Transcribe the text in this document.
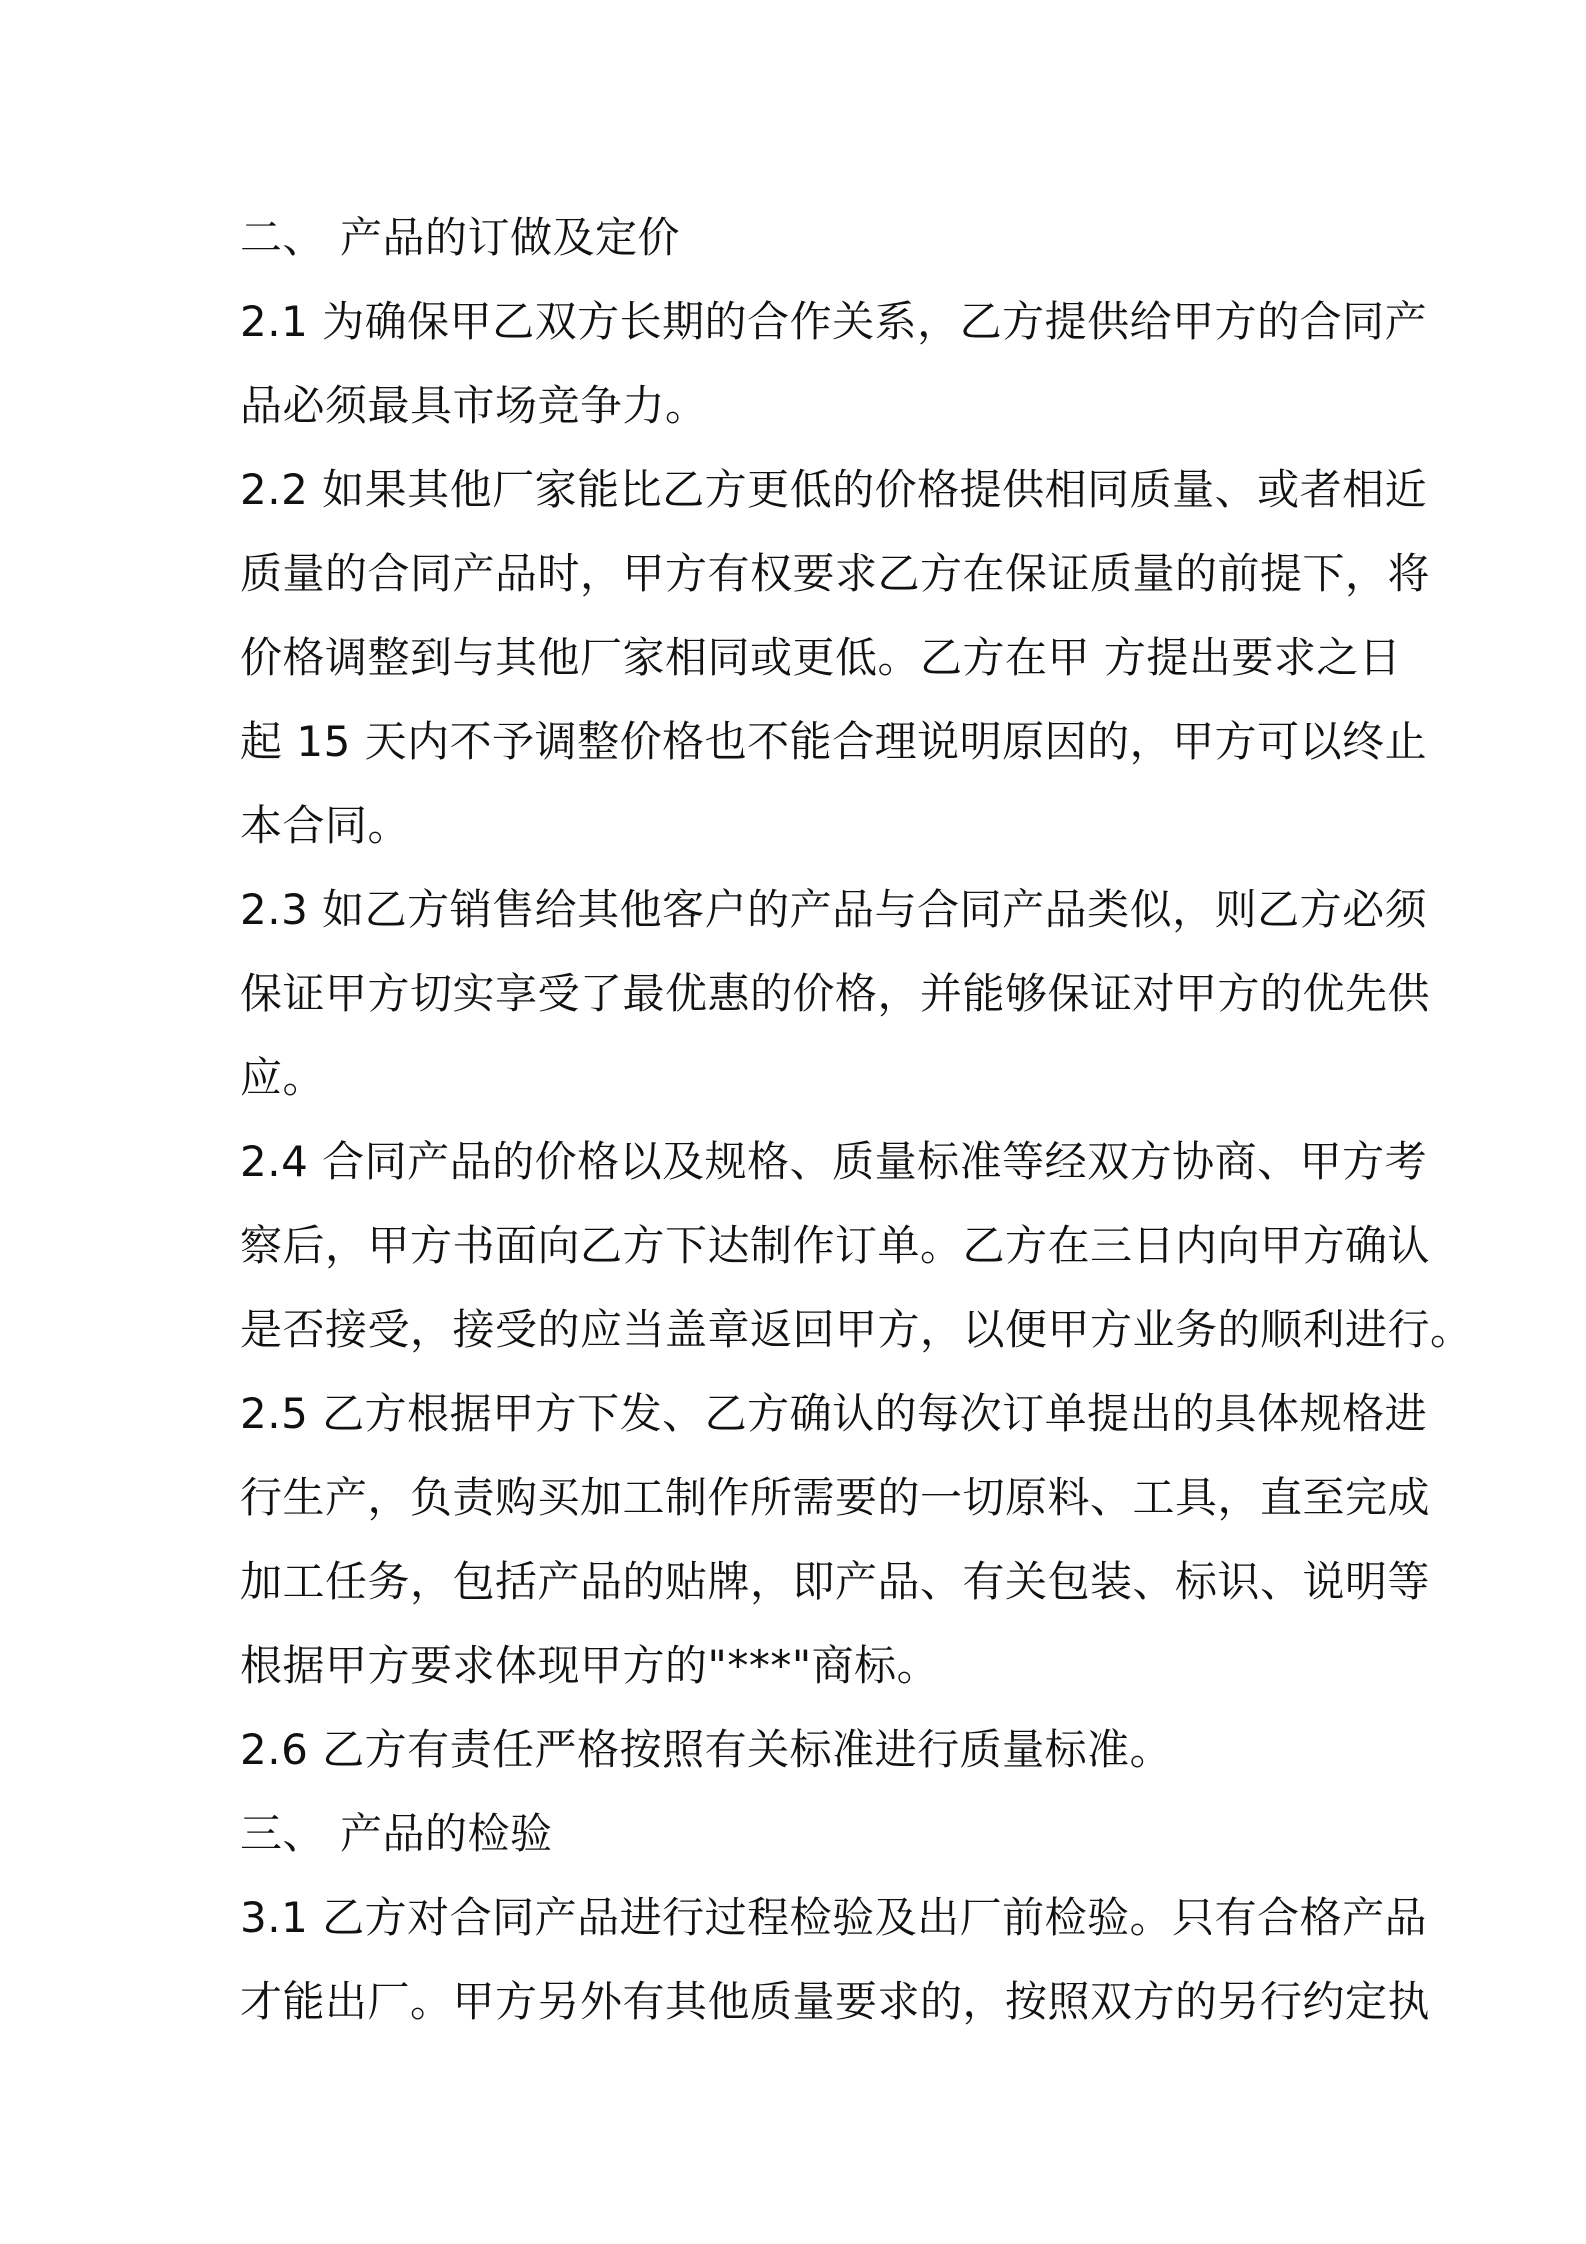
二、 产品的订做及定价
2.1 为确保甲乙双方长期的合作关系，乙方提供给甲方的合同产
品必须最具市场竞争力。
2.2 如果其他厂家能比乙方更低的价格提供相同质量、或者相近
质量的合同产品时，甲方有权要求乙方在保证质量的前提下，将
价格调整到与其他厂家相同或更低。乙方在甲 方提出要求之日
起 15 天内不予调整价格也不能合理说明原因的，甲方可以终止
本合同。
2.3 如乙方销售给其他客户的产品与合同产品类似，则乙方必须
保证甲方切实享受了最优惠的价格，并能够保证对甲方的优先供
应。
2.4 合同产品的价格以及规格、质量标准等经双方协商、甲方考
察后，甲方书面向乙方下达制作订单。乙方在三日内向甲方确认
是否接受，接受的应当盖章返回甲方，以便甲方业务的顺利进行。
2.5 乙方根据甲方下发、乙方确认的每次订单提出的具体规格进
行生产，负责购买加工制作所需要的一切原料、工具，直至完成
加工任务，包括产品的贴牌，即产品、有关包装、标识、说明等
根据甲方要求体现甲方的"***"商标。
2.6 乙方有责任严格按照有关标准进行质量标准。
三、 产品的检验
3.1 乙方对合同产品进行过程检验及出厂前检验。只有合格产品
才能出厂。甲方另外有其他质量要求的，按照双方的另行约定执
